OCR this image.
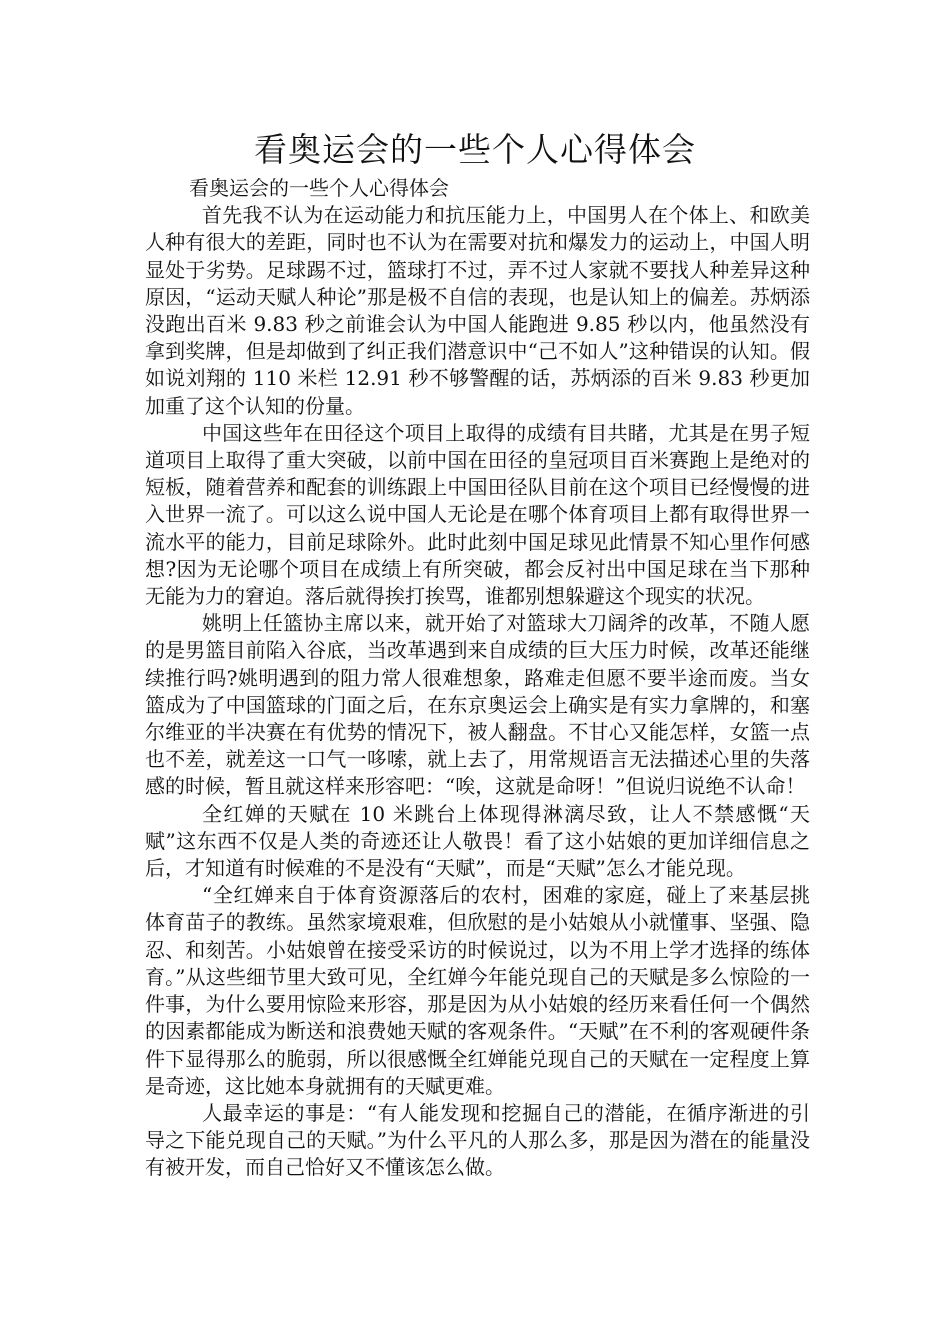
看奥运会的一些个人心得体会

看奥运会的一些个人心得体会

首先我不认为在运动能力和抗压能力上，中国男人在个体上、和欧美人种有很大的差距，同时也不认为在需要对抗和爆发力的运动上，中国人明显处于劣势。足球踢不过，篮球打不过，弄不过人家就不要找人种差异这种原因，“运动天赋人种论”那是极不自信的表现，也是认知上的偏差。苏炳添没跑出百米 9.83 秒之前谁会认为中国人能跑进 9.85 秒以内，他虽然没有拿到奖牌，但是却做到了纠正我们潜意识中“己不如人”这种错误的认知。假如说刘翔的 110 米栏 12.91 秒不够警醒的话，苏炳添的百米 9.83 秒更加加重了这个认知的份量。

中国这些年在田径这个项目上取得的成绩有目共睹，尤其是在男子短道项目上取得了重大突破，以前中国在田径的皇冠项目百米赛跑上是绝对的短板，随着营养和配套的训练跟上中国田径队目前在这个项目已经慢慢的进入世界一流了。可以这么说中国人无论是在哪个体育项目上都有取得世界一流水平的能力，目前足球除外。此时此刻中国足球见此情景不知心里作何感想?因为无论哪个项目在成绩上有所突破，都会反衬出中国足球在当下那种无能为力的窘迫。落后就得挨打挨骂，谁都别想躲避这个现实的状况。

姚明上任篮协主席以来，就开始了对篮球大刀阔斧的改革，不随人愿的是男篮目前陷入谷底，当改革遇到来自成绩的巨大压力时候，改革还能继续推行吗?姚明遇到的阻力常人很难想象，路难走但愿不要半途而废。当女篮成为了中国篮球的门面之后，在东京奥运会上确实是有实力拿牌的，和塞尔维亚的半决赛在有优势的情况下，被人翻盘。不甘心又能怎样，女篮一点也不差，就差这一口气一哆嗦，就上去了，用常规语言无法描述心里的失落感的时候，暂且就这样来形容吧：“唉，这就是命呀！”但说归说绝不认命！

全红婵的天赋在 10 米跳台上体现得淋漓尽致，让人不禁感慨“天赋”这东西不仅是人类的奇迹还让人敬畏！看了这小姑娘的更加详细信息之后，才知道有时候难的不是没有“天赋”，而是“天赋”怎么才能兑现。

“全红婵来自于体育资源落后的农村，困难的家庭，碰上了来基层挑体育苗子的教练。虽然家境艰难，但欣慰的是小姑娘从小就懂事、坚强、隐忍、和刻苦。小姑娘曾在接受采访的时候说过，以为不用上学才选择的练体育。”从这些细节里大致可见，全红婵今年能兑现自己的天赋是多么惊险的一件事，为什么要用惊险来形容，那是因为从小姑娘的经历来看任何一个偶然的因素都能成为断送和浪费她天赋的客观条件。“天赋”在不利的客观硬件条件下显得那么的脆弱，所以很感慨全红婵能兑现自己的天赋在一定程度上算是奇迹，这比她本身就拥有的天赋更难。

人最幸运的事是：“有人能发现和挖掘自己的潜能，在循序渐进的引导之下能兑现自己的天赋。”为什么平凡的人那么多，那是因为潜在的能量没有被开发，而自己恰好又不懂该怎么做。
